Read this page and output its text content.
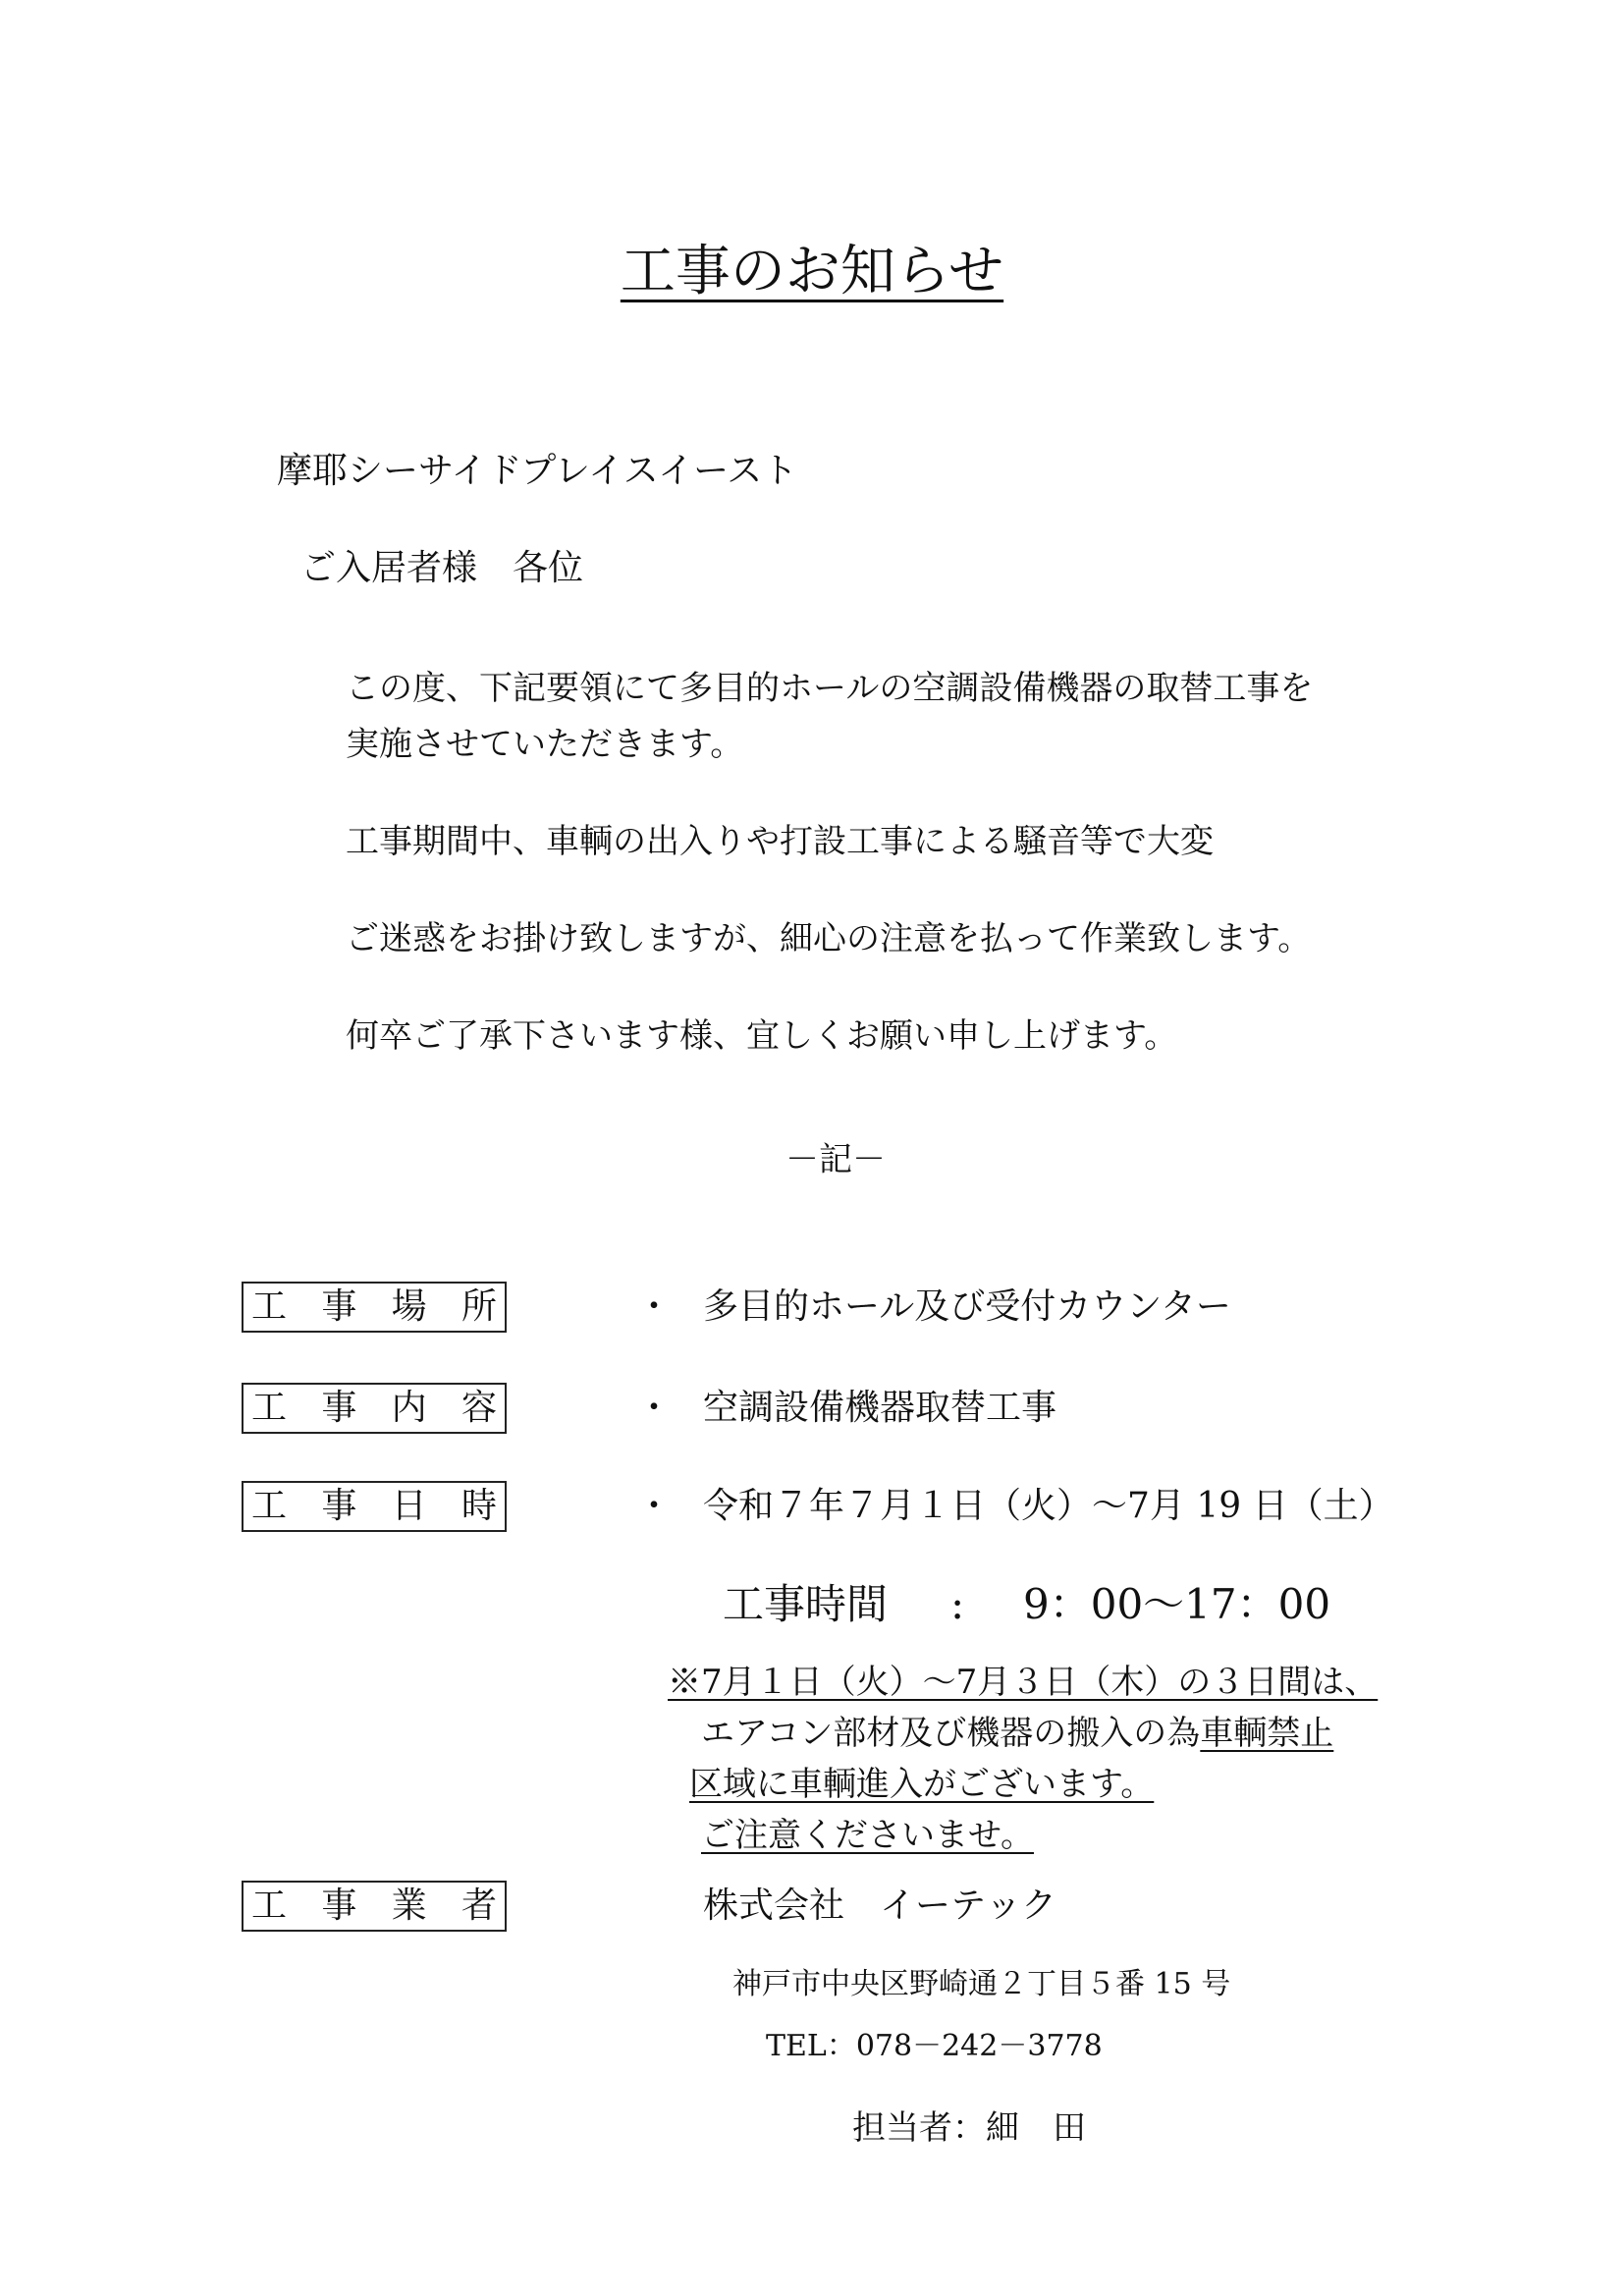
工事のお知らせ
摩耶シーサイドプレイスイースト
ご入居者様　各位
この度、下記要領にて多目的ホールの空調設備機器の取替工事を
実施させていただきます。
工事期間中、車輌の出入りや打設工事による騒音等で大変
ご迷惑をお掛け致しますが、細心の注意を払って作業致します。
何卒ご了承下さいます様、宜しくお願い申し上げます。
－記－
工 事 場 所	・ 多目的ホール及び受付カウンター
工 事 内 容	・ 空調設備機器取替工事
工 事 日 時	・ 令和７年７月１日（火）～7月 19 日（土）
工事時間 : 9：00～17：00
※7月１日（火）～7月３日（木）の３日間は、
エアコン部材及び機器の搬入の為車輌禁止
区域に車輌進入がございます。
ご注意くださいませ。
工 事 業 者	株式会社　イーテック
神戸市中央区野崎通２丁目５番 15 号
TEL：078－242－3778
担当者：細　田
